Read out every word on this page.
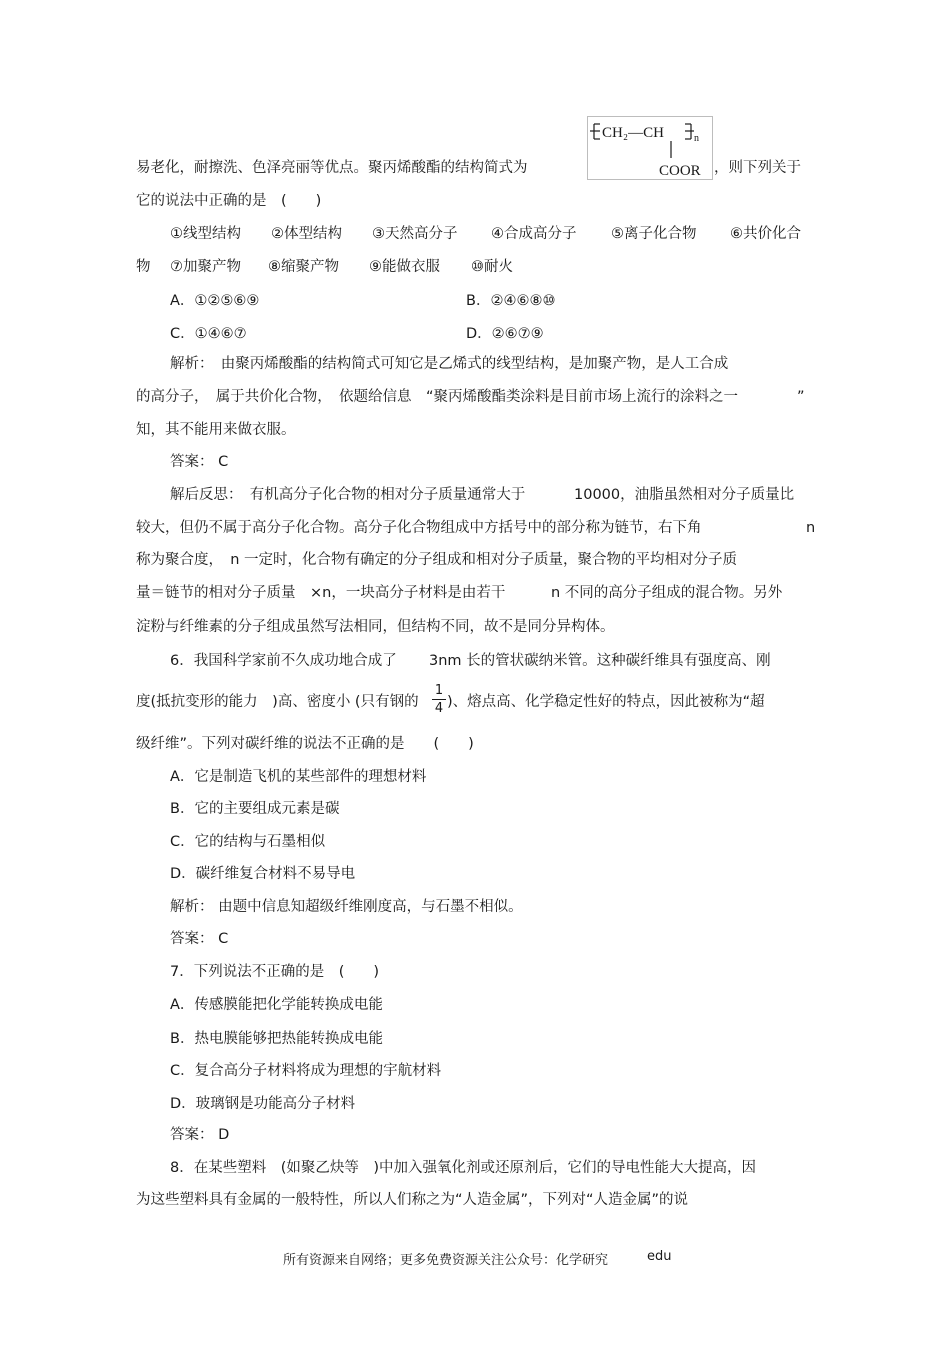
易老化，耐擦洗、色泽亮丽等优点。聚丙烯酸酯的结构简式为
CH₂—CH	n
COOR ，则下列关于
它的说法中正确的是　(　　)
①线型结构 ②体型结构 ③天然高分子 ④合成高分子 ⑤离子化合物 ⑥共价化合
物 ⑦加聚产物 ⑧缩聚产物 ⑨能做衣服 ⑩耐火
A．①②⑤⑥⑨	B．②④⑥⑧⑩
C．①④⑥⑦	D．②⑥⑦⑨
解析：　由聚丙烯酸酯的结构简式可知它是乙烯式的线型结构，是加聚产物，是人工合成
的高分子，　属于共价化合物，　依题给信息　“聚丙烯酸酯类涂料是目前市场上流行的涂料之一	”
知，其不能用来做衣服。
答案： C
解后反思：　有机高分子化合物的相对分子质量通常大于	10000，油脂虽然相对分子质量比
较大，但仍不属于高分子化合物。高分子化合物组成中方括号中的部分称为链节，右下角	n
称为聚合度，　n 一定时，化合物有确定的分子组成和相对分子质量，聚合物的平均相对分子质
量＝链节的相对分子质量　×n，一块高分子材料是由若干	n 不同的高分子组成的混合物。另外
淀粉与纤维素的分子组成虽然写法相同，但结构不同，故不是同分异构体。
6．我国科学家前不久成功地合成了 3nm 长的管状碳纳米管。这种碳纤维具有强度高、刚
度(抵抗变形的能力　)高、密度小 (只有钢的
1
4 )、熔点高、化学稳定性好的特点，因此被称为“超
级纤维”。下列对碳纤维的说法不正确的是　　(　　)
A．它是制造飞机的某些部件的理想材料
B．它的主要组成元素是碳
C．它的结构与石墨相似
D．碳纤维复合材料不易导电
解析： 由题中信息知超级纤维刚度高，与石墨不相似。
答案： C
7．下列说法不正确的是　(　　)
A．传感膜能把化学能转换成电能
B．热电膜能够把热能转换成电能
C．复合高分子材料将成为理想的宇航材料
D．玻璃钢是功能高分子材料
答案： D
8．在某些塑料　(如聚乙炔等　)中加入强氧化剂或还原剂后，它们的导电性能大大提高，因
为这些塑料具有金属的一般特性，所以人们称之为“人造金属”，下列对“人造金属”的说
所有资源来自网络；更多免费资源关注公众号：化学研究	edu
